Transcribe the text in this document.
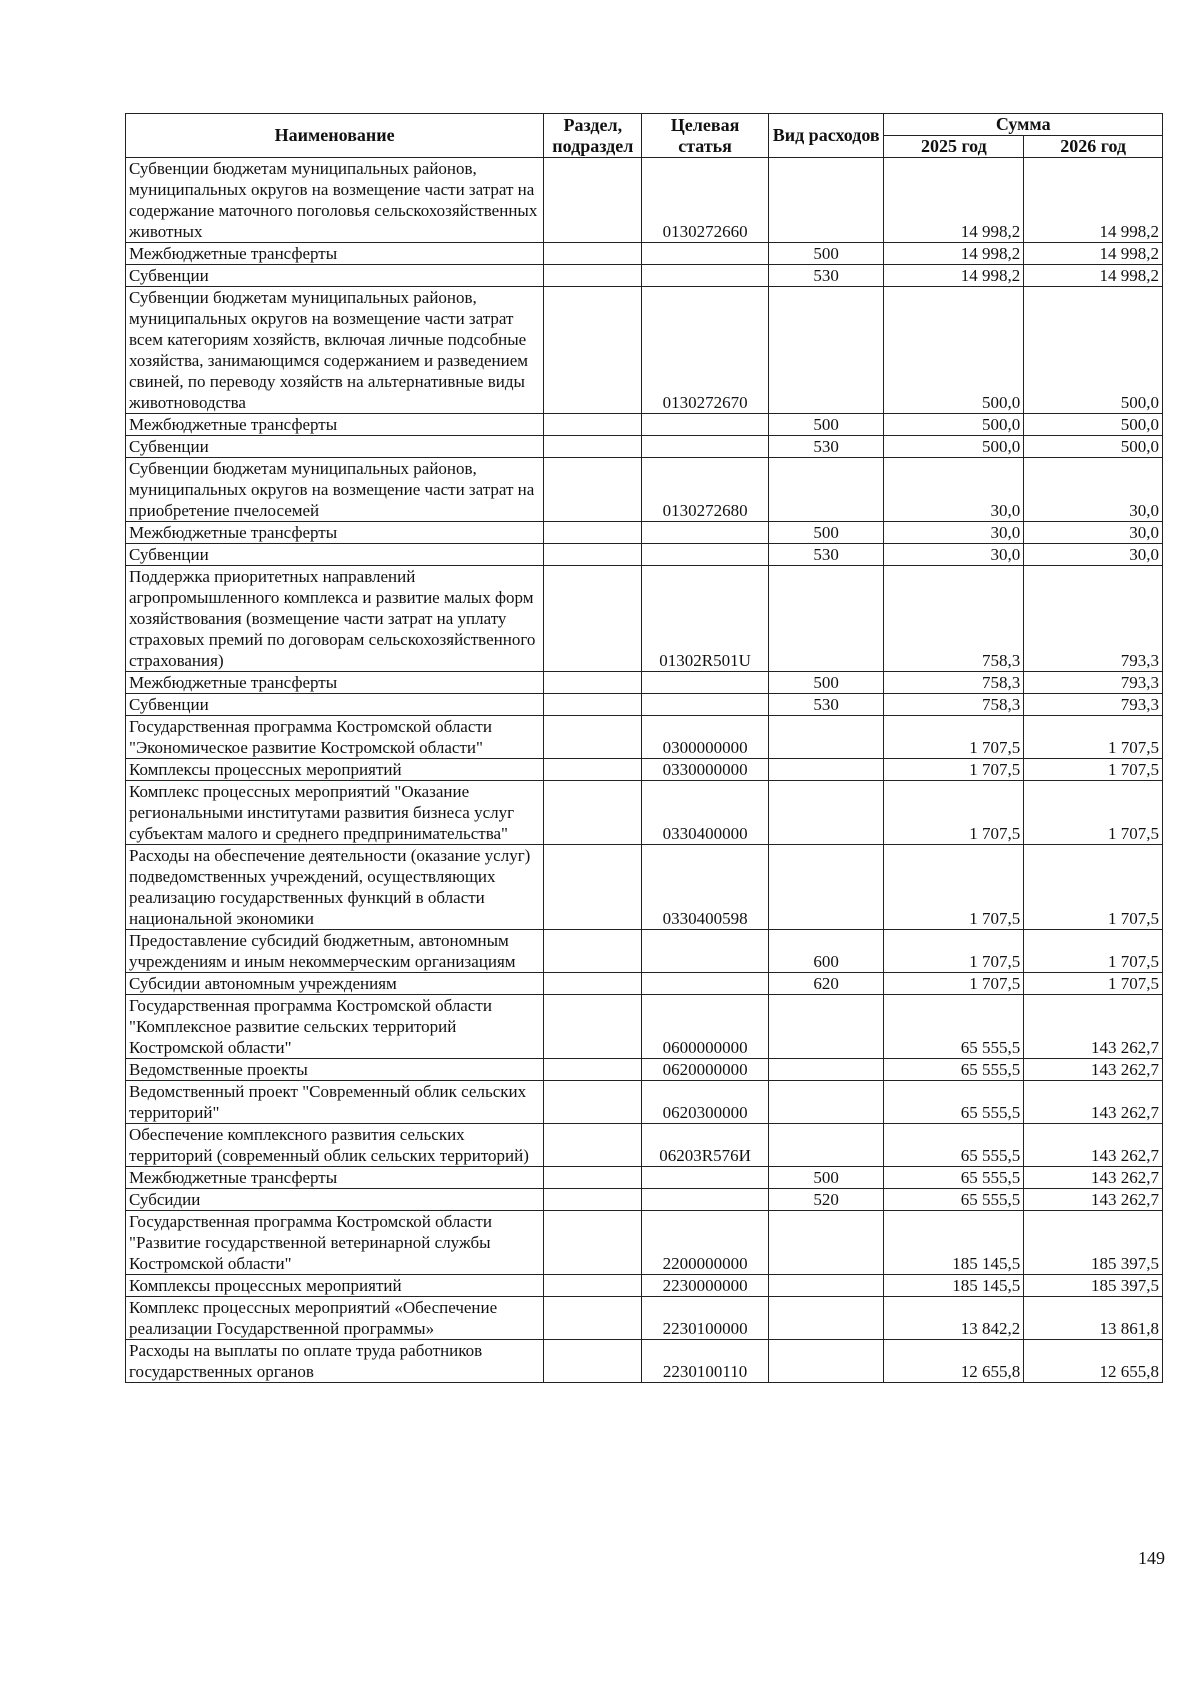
Наименование	Раздел, подраздел	Целевая статья	Вид расходов	Сумма	
				2025 год	2026 год
Субвенции бюджетам муниципальных районов, муниципальных округов на возмещение части затрат на содержание маточного поголовья сельскохозяйственных животных		0130272660		14 998,2	14 998,2
Межбюджетные трансферты			500	14 998,2	14 998,2
Субвенции			530	14 998,2	14 998,2
Субвенции бюджетам муниципальных районов, муниципальных округов на возмещение части затрат всем категориям хозяйств, включая личные подсобные хозяйства, занимающимся содержанием и разведением свиней, по переводу хозяйств на альтернативные виды животноводства		0130272670		500,0	500,0
Межбюджетные трансферты			500	500,0	500,0
Субвенции			530	500,0	500,0
Субвенции бюджетам муниципальных районов, муниципальных округов на возмещение части затрат на приобретение пчелосемей		0130272680		30,0	30,0
Межбюджетные трансферты			500	30,0	30,0
Субвенции			530	30,0	30,0
Поддержка приоритетных направлений агропромышленного комплекса и развитие малых форм хозяйствования (возмещение части затрат на уплату страховых премий по договорам сельскохозяйственного страхования)		01302R501U		758,3	793,3
Межбюджетные трансферты			500	758,3	793,3
Субвенции			530	758,3	793,3
Государственная программа Костромской области "Экономическое развитие Костромской области"		0300000000		1 707,5	1 707,5
Комплексы процессных мероприятий		0330000000		1 707,5	1 707,5
Комплекс процессных мероприятий "Оказание региональными институтами развития бизнеса услуг субъектам малого и среднего предпринимательства"		0330400000		1 707,5	1 707,5
Расходы на обеспечение деятельности (оказание услуг) подведомственных учреждений, осуществляющих реализацию государственных функций в области национальной экономики		0330400598		1 707,5	1 707,5
Предоставление субсидий бюджетным, автономным учреждениям и иным некоммерческим организациям			600	1 707,5	1 707,5
Субсидии автономным учреждениям			620	1 707,5	1 707,5
Государственная программа Костромской области "Комплексное развитие сельских территорий Костромской области"		0600000000		65 555,5	143 262,7
Ведомственные проекты		0620000000		65 555,5	143 262,7
Ведомственный проект "Современный облик сельских территорий"		0620300000		65 555,5	143 262,7
Обеспечение комплексного развития сельских территорий (современный облик сельских территорий)		06203R576И		65 555,5	143 262,7
Межбюджетные трансферты			500	65 555,5	143 262,7
Субсидии			520	65 555,5	143 262,7
Государственная программа Костромской области "Развитие государственной ветеринарной службы Костромской области"		2200000000		185 145,5	185 397,5
Комплексы процессных мероприятий		2230000000		185 145,5	185 397,5
Комплекс процессных мероприятий «Обеспечение реализации Государственной программы»		2230100000		13 842,2	13 861,8
Расходы на выплаты по оплате труда работников государственных органов		2230100110		12 655,8	12 655,8
149
